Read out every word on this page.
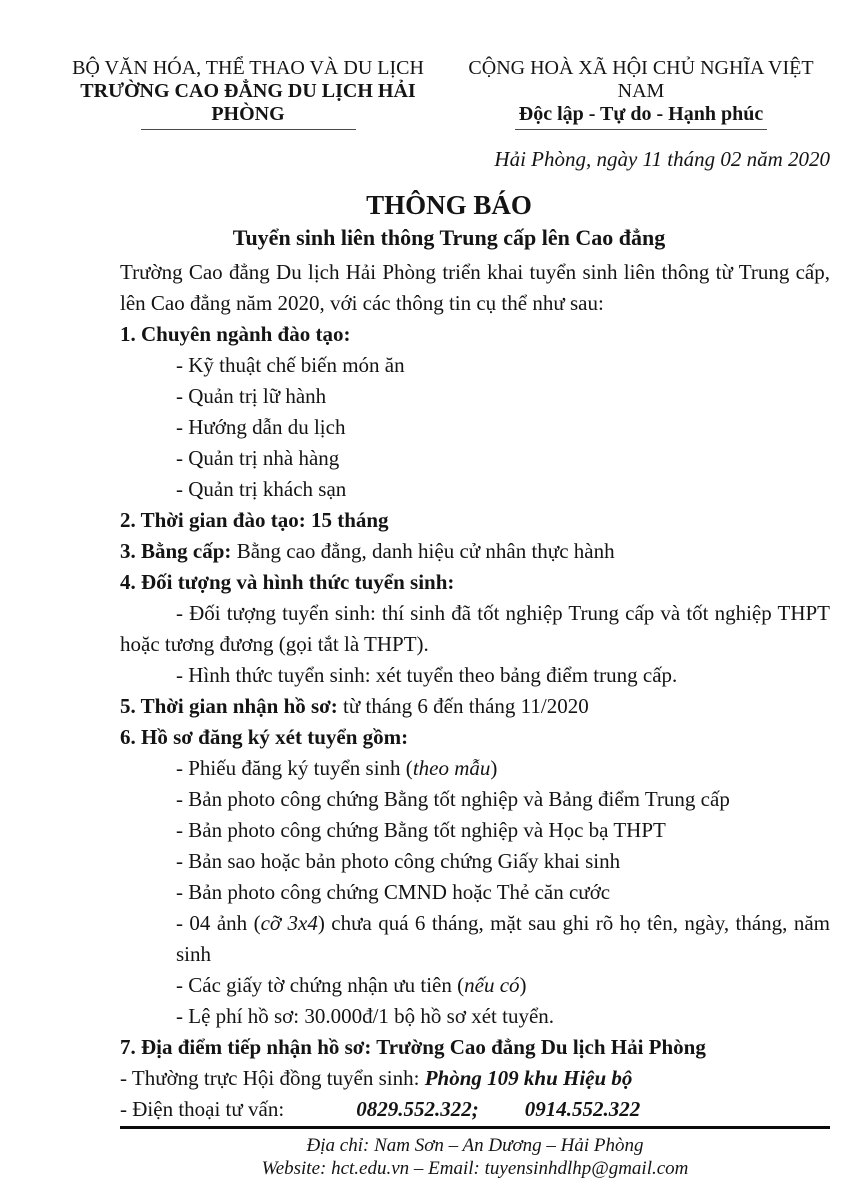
BỘ VĂN HÓA, THỂ THAO VÀ DU LỊCH
TRƯỜNG CAO ĐẲNG DU LỊCH HẢI PHÒNG
CỘNG HOÀ XÃ HỘI CHỦ NGHĨA VIỆT NAM
Độc lập - Tự do - Hạnh phúc
Hải Phòng, ngày 11 tháng 02 năm 2020
THÔNG BÁO
Tuyển sinh liên thông Trung cấp lên Cao đẳng

Trường Cao đẳng Du lịch Hải Phòng triển khai tuyển sinh liên thông từ Trung cấp, lên Cao đẳng năm 2020, với các thông tin cụ thể như sau:

1. Chuyên ngành đào tạo:

- Kỹ thuật chế biến món ăn

- Quản trị lữ hành

- Hướng dẫn du lịch

- Quản trị nhà hàng

- Quản trị khách sạn

2. Thời gian đào tạo: 15 tháng

3. Bằng cấp: Bằng cao đẳng, danh hiệu cử nhân thực hành

4. Đối tượng và hình thức tuyển sinh:

- Đối tượng tuyển sinh: thí sinh đã tốt nghiệp Trung cấp và tốt nghiệp THPT hoặc tương đương (gọi tắt là THPT).

- Hình thức tuyển sinh: xét tuyển theo bảng điểm trung cấp.

5. Thời gian nhận hồ sơ: từ tháng 6 đến tháng 11/2020

6. Hồ sơ đăng ký xét tuyển gồm:

- Phiếu đăng ký tuyển sinh (theo mẫu)

- Bản photo công chứng Bằng tốt nghiệp và Bảng điểm Trung cấp

- Bản photo công chứng Bằng tốt nghiệp và Học bạ THPT

- Bản sao hoặc bản photo công chứng Giấy khai sinh

- Bản photo công chứng CMND hoặc Thẻ căn cước

- 04 ảnh (cỡ 3x4) chưa quá 6 tháng, mặt sau ghi rõ họ tên, ngày, tháng, năm sinh

- Các giấy tờ chứng nhận ưu tiên (nếu có)

- Lệ phí hồ sơ: 30.000đ/1 bộ hồ sơ xét tuyển.

7. Địa điểm tiếp nhận hồ sơ: Trường Cao đẳng Du lịch Hải Phòng

- Thường trực Hội đồng tuyển sinh: Phòng 109 khu Hiệu bộ

- Điện thoại tư vấn:	0829.552.322; 0914.552.322

Địa chỉ: Nam Sơn – An Dương – Hải Phòng
Website: hct.edu.vn – Email: tuyensinhdlhp@gmail.com
